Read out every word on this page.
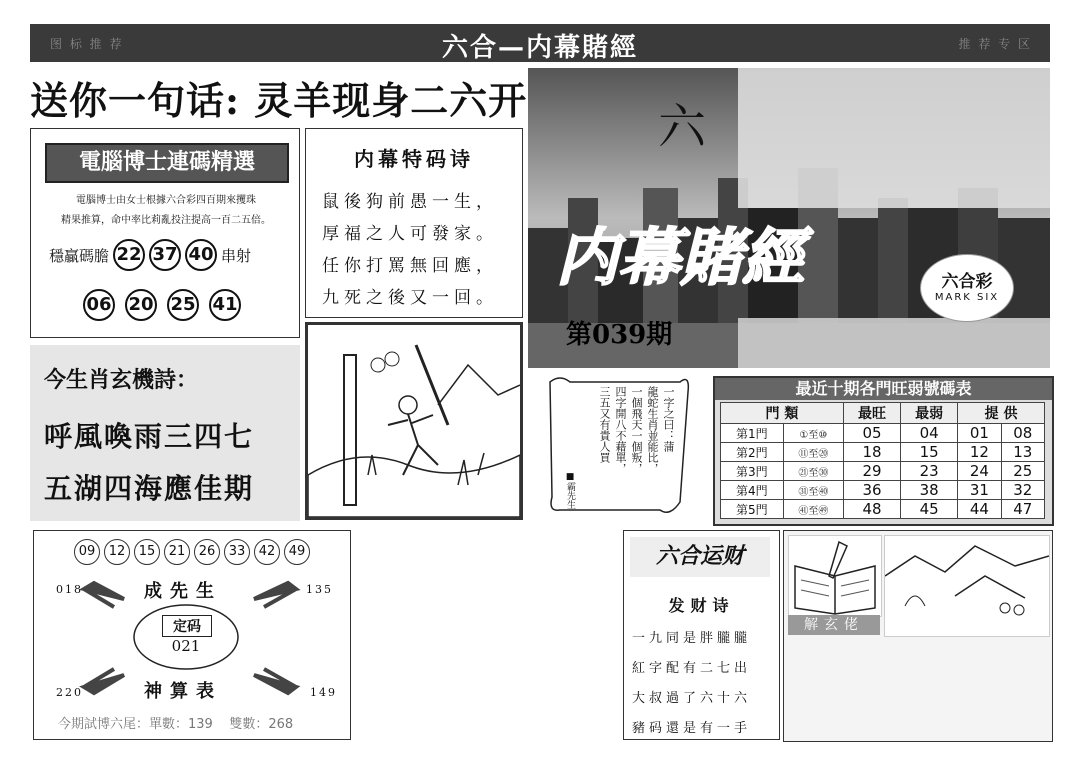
图 标 推 荐	六合—内幕賭經	推 荐 专 区
送你一句话: 灵羊现身二六开
電腦博士連碼精選
電腦博士由女士根據六合彩四百期來攫珠
精果推算，命中率比莉亂投注提高一百二五倍。
穩贏碼膽 22 37 40 串射
06 20 25 41
内幕特码诗
鼠後狗前愚一生，
厚福之人可發家。
任你打罵無回應，
九死之後又一回。
六
内幕賭經
第039期
六合彩
MARK SIX
今生肖玄機詩：
呼風喚雨三四七
五湖四海應佳期
一字之曰：蒲
龍蛇生肖並能比，
一個飛天一個叛，
四字開八不藉單，
三五又有貴人買
■霸先生
最近十期各門旺弱號碼表
門 類		最旺	最弱	提 供	
第1門	①至⑩	05	04	01	08
第2門	⑪至⑳	18	15	12	13
第3門	㉑至㉚	29	23	24	25
第4門	㉛至㊵	36	38	31	32
第5門	㊶至㊾	48	45	44	47
09	12	15	21	26	33	42	49
成先生
定码
021
神算表
018	135
220	149
今期試博六尾：單數：139    雙數：268
六合运财
发财诗
一九同是胖朧朧
紅字配有二七出
大叔過了六十六
豬码還是有一手
解玄佬
